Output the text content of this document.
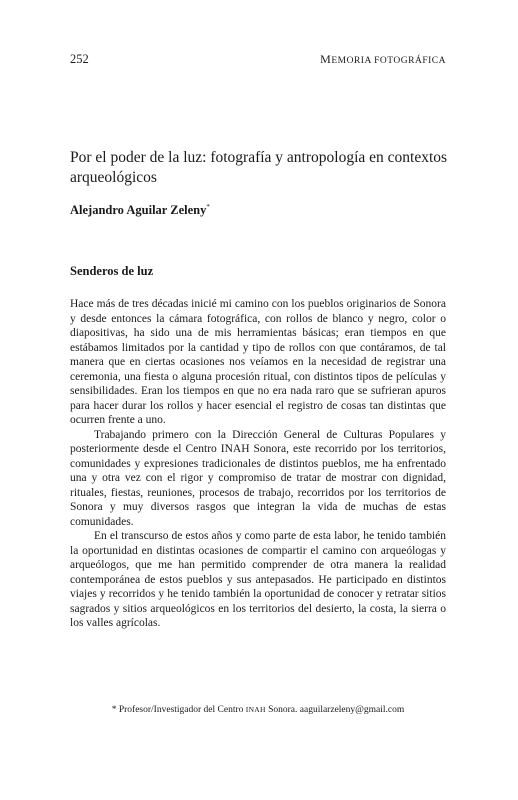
252	MEMORIA FOTOGRÁFICA
Por el poder de la luz: fotografía y antropología en contextos arqueológicos
Alejandro Aguilar Zeleny*
Senderos de luz

Hace más de tres décadas inicié mi camino con los pueblos originarios de Sonora y desde entonces la cámara fotográfica, con rollos de blanco y negro, color o diapositivas, ha sido una de mis herramientas básicas; eran tiempos en que estábamos limitados por la cantidad y tipo de rollos con que contáramos, de tal manera que en ciertas ocasiones nos veíamos en la necesidad de registrar una ceremonia, una fiesta o alguna procesión ritual, con distintos tipos de películas y sensibilidades. Eran los tiempos en que no era nada raro que se sufrieran apuros para hacer durar los rollos y hacer esencial el registro de cosas tan distintas que ocurren frente a uno.

Trabajando primero con la Dirección General de Culturas Populares y posteriormente desde el Centro INAH Sonora, este recorrido por los territorios, comunidades y expresiones tradicionales de distintos pueblos, me ha enfrentado una y otra vez con el rigor y compromiso de tratar de mostrar con dignidad, rituales, fiestas, reuniones, procesos de trabajo, recorridos por los territorios de Sonora y muy diversos rasgos que integran la vida de muchas de estas comunidades.

En el transcurso de estos años y como parte de esta labor, he tenido también la oportunidad en distintas ocasiones de compartir el camino con arqueólogas y arqueólogos, que me han permitido comprender de otra manera la realidad contemporánea de estos pueblos y sus antepasados. He participado en distintos viajes y recorridos y he tenido también la oportunidad de conocer y retratar sitios sagrados y sitios arqueológicos en los territorios del desierto, la costa, la sierra o los valles agrícolas.

* Profesor/Investigador del Centro INAH Sonora. aaguilarzeleny@gmail.com
